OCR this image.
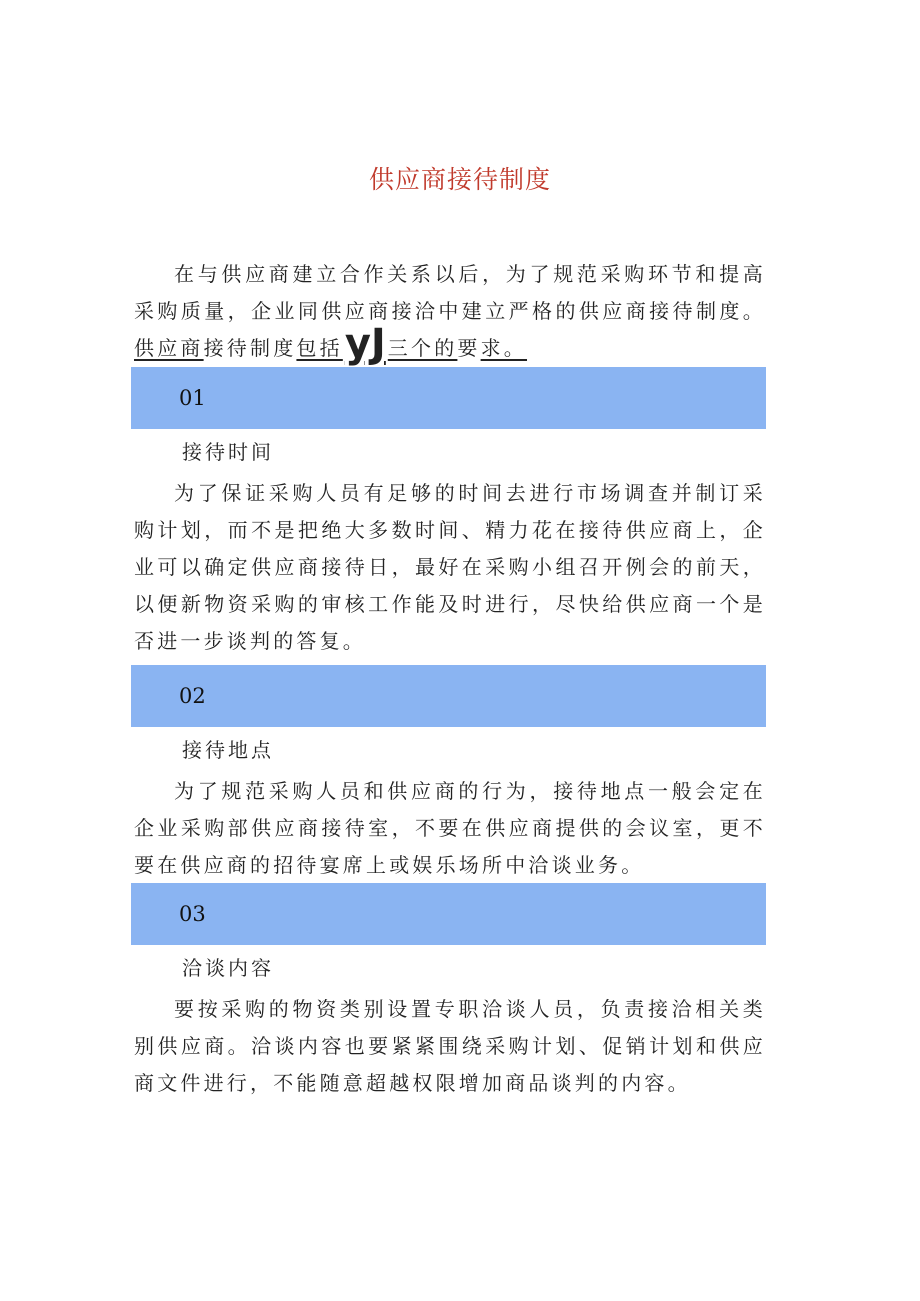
供应商接待制度

在与供应商建立合作关系以后，为了规范采购环节和提高采购质量，企业同供应商接洽中建立严格的供应商接待制度。供应商接待制度包括yJ 三个的要求。

01
接待时间

为了保证采购人员有足够的时间去进行市场调查并制订采购计划，而不是把绝大多数时间、精力花在接待供应商上，企业可以确定供应商接待日，最好在采购小组召开例会的前天，以便新物资采购的审核工作能及时进行，尽快给供应商一个是否进一步谈判的答复。

02
接待地点

为了规范采购人员和供应商的行为，接待地点一般会定在企业采购部供应商接待室，不要在供应商提供的会议室，更不要在供应商的招待宴席上或娱乐场所中洽谈业务。

03
洽谈内容

要按采购的物资类别设置专职洽谈人员，负责接洽相关类别供应商。洽谈内容也要紧紧围绕采购计划、促销计划和供应商文件进行，不能随意超越权限增加商品谈判的内容。
